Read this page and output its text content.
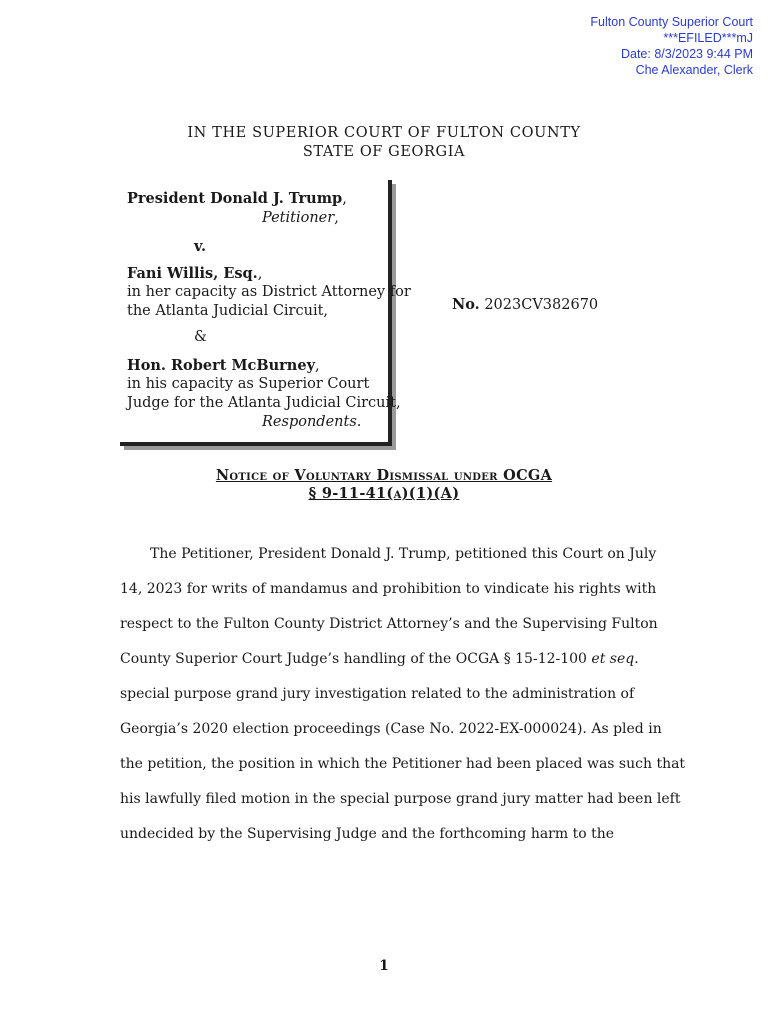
Fulton County Superior Court
***EFILED***mJ
Date: 8/3/2023 9:44 PM
Che Alexander, Clerk
IN THE SUPERIOR COURT OF FULTON COUNTY
STATE OF GEORGIA
President Donald J. Trump,
Petitioner,
v.
Fani Willis, Esq.,
in her capacity as District Attorney for
the Atlanta Judicial Circuit,
&
Hon. Robert McBurney,
in his capacity as Superior Court
Judge for the Atlanta Judicial Circuit,
Respondents.
No. 2023CV382670
Notice of Voluntary Dismissal under OCGA
§ 9-11-41(a)(1)(A)
The Petitioner, President Donald J. Trump, petitioned this Court on July
14, 2023 for writs of mandamus and prohibition to vindicate his rights with
respect to the Fulton County District Attorney’s and the Supervising Fulton
County Superior Court Judge’s handling of the OCGA § 15-12-100 et seq.
special purpose grand jury investigation related to the administration of
Georgia’s 2020 election proceedings (Case No. 2022-EX-000024). As pled in
the petition, the position in which the Petitioner had been placed was such that
his lawfully filed motion in the special purpose grand jury matter had been left
undecided by the Supervising Judge and the forthcoming harm to the
1
